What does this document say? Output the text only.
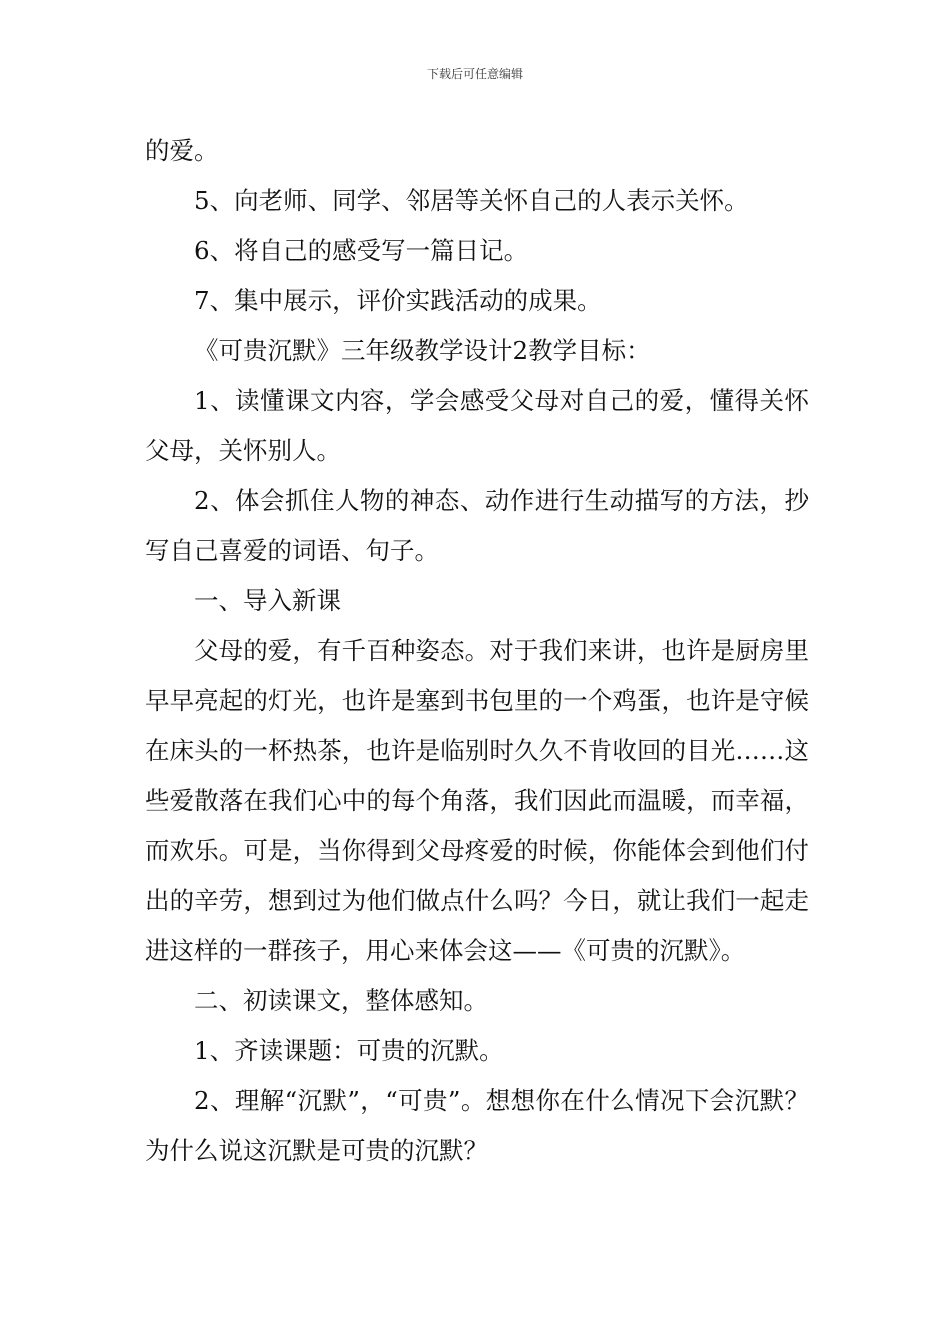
下载后可任意编辑

的爱。

5、向老师、同学、邻居等关怀自己的人表示关怀。

6、将自己的感受写一篇日记。

7、集中展示，评价实践活动的成果。

《可贵沉默》三年级教学设计2教学目标：

1、读懂课文内容，学会感受父母对自己的爱，懂得关怀父母，关怀别人。

2、体会抓住人物的神态、动作进行生动描写的方法，抄写自己喜爱的词语、句子。

一、导入新课

父母的爱，有千百种姿态。对于我们来讲，也许是厨房里早早亮起的灯光，也许是塞到书包里的一个鸡蛋，也许是守候在床头的一杯热茶，也许是临别时久久不肯收回的目光……这些爱散落在我们心中的每个角落，我们因此而温暖，而幸福，而欢乐。可是，当你得到父母疼爱的时候，你能体会到他们付出的辛劳，想到过为他们做点什么吗？今日，就让我们一起走进这样的一群孩子，用心来体会这——《可贵的沉默》。

二、初读课文，整体感知。

1、齐读课题：可贵的沉默。

2、理解“沉默”，“可贵”。想想你在什么情况下会沉默？为什么说这沉默是可贵的沉默？
